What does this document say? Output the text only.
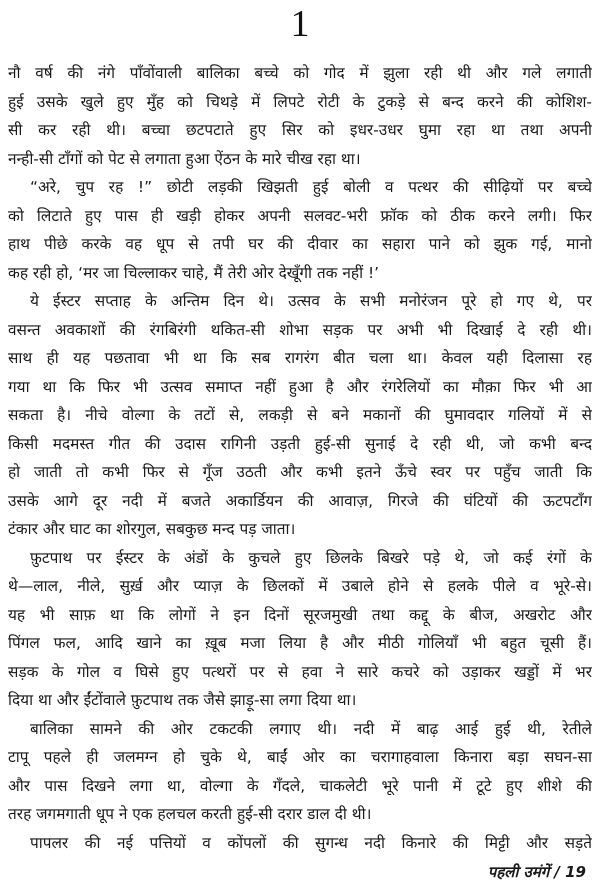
1
नौ वर्ष की नंगे पाँवोंवाली बालिका बच्चे को गोद में झुला रही थी और गले लगाती
हुई उसके खुले हुए मुँह को चिथड़े में लिपटे रोटी के टुकड़े से बन्द करने की कोशिश-
सी कर रही थी। बच्चा छटपटाते हुए सिर को इधर-उधर घुमा रहा था तथा अपनी
नन्ही-सी टाँगों को पेट से लगाता हुआ ऐंठन के मारे चीख रहा था।
“अरे, चुप रह !” छोटी लड़की खिझती हुई बोली व पत्थर की सीढ़ियों पर बच्चे
को लिटाते हुए पास ही खड़ी होकर अपनी सलवट-भरी फ्रॉक को ठीक करने लगी। फिर
हाथ पीछे करके वह धूप से तपी घर की दीवार का सहारा पाने को झुक गई, मानो
कह रही हो, ‘मर जा चिल्लाकर चाहे, मैं तेरी ओर देखूँगी तक नहीं !’
ये ईस्टर सप्ताह के अन्तिम दिन थे। उत्सव के सभी मनोरंजन पूरे हो गए थे, पर
वसन्त अवकाशों की रंगबिरंगी थकित-सी शोभा सड़क पर अभी भी दिखाई दे रही थी।
साथ ही यह पछतावा भी था कि सब रागरंग बीत चला था। केवल यही दिलासा रह
गया था कि फिर भी उत्सव समाप्त नहीं हुआ है और रंगरेलियों का मौक़ा फिर भी आ
सकता है। नीचे वोल्गा के तटों से, लकड़ी से बने मकानों की घुमावदार गलियों में से
किसी मदमस्त गीत की उदास रागिनी उड़ती हुई-सी सुनाई दे रही थी, जो कभी बन्द
हो जाती तो कभी फिर से गूँज उठती और कभी इतने ऊँचे स्वर पर पहुँच जाती कि
उसके आगे दूर नदी में बजते अकार्डियन की आवाज़, गिरजे की घंटियों की ऊटपटाँग
टंकार और घाट का शोरगुल, सबकुछ मन्द पड़ जाता।
फ़ुटपाथ पर ईस्टर के अंडों के कुचले हुए छिलके बिखरे पड़े थे, जो कई रंगों के
थे—लाल, नीले, सुर्ख़ और प्याज़ के छिलकों में उबाले होने से हलके पीले व भूरे-से।
यह भी साफ़ था कि लोगों ने इन दिनों सूरजमुखी तथा कद्दू के बीज, अखरोट और
पिंगल फल, आदि खाने का ख़ूब मजा लिया है और मीठी गोलियाँ भी बहुत चूसी हैं।
सड़क के गोल व घिसे हुए पत्थरों पर से हवा ने सारे कचरे को उड़ाकर खड्डों में भर
दिया था और ईंटोंवाले फ़ुटपाथ तक जैसे झाड़ू-सा लगा दिया था।
बालिका सामने की ओर टकटकी लगाए थी। नदी में बाढ़ आई हुई थी, रेतीले
टापू पहले ही जलमग्न हो चुके थे, बाईं ओर का चरागाहवाला किनारा बड़ा सघन-सा
और पास दिखने लगा था, वोल्गा के गँदले, चाकलेटी भूरे पानी में टूटे हुए शीशे की
तरह जगमगाती धूप ने एक हलचल करती हुई-सी दरार डाल दी थी।
पापलर की नई पत्तियों व कोंपलों की सुगन्ध नदी किनारे की मिट्टी और सड़ते
पहली उमंगें / 19
